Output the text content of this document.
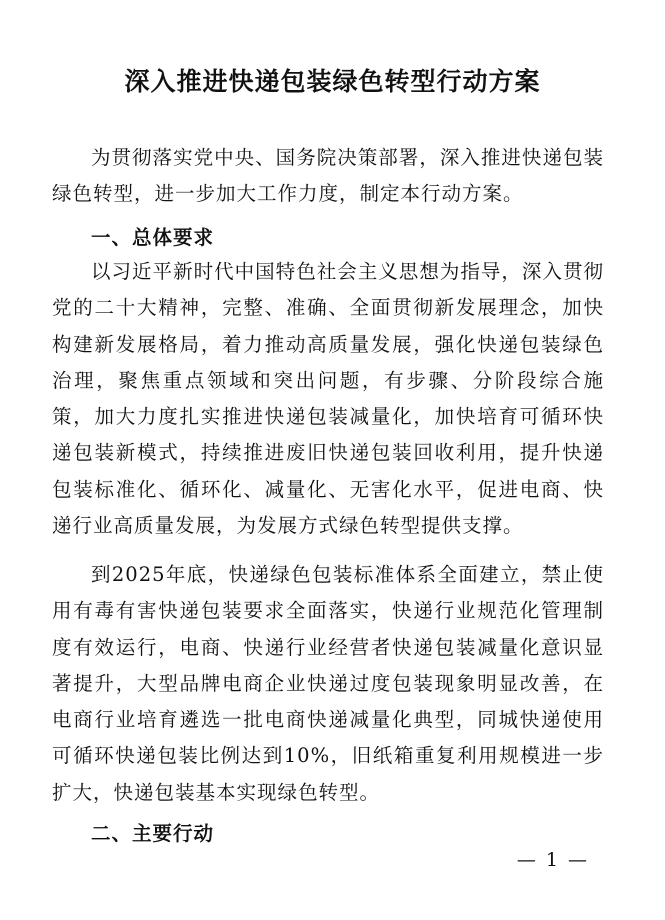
深入推进快递包装绿色转型行动方案

为贯彻落实党中央、国务院决策部署，深入推进快递包装绿色转型，进一步加大工作力度，制定本行动方案。

一、总体要求

以习近平新时代中国特色社会主义思想为指导，深入贯彻党的二十大精神，完整、准确、全面贯彻新发展理念，加快构建新发展格局，着力推动高质量发展，强化快递包装绿色治理，聚焦重点领域和突出问题，有步骤、分阶段综合施策，加大力度扎实推进快递包装减量化，加快培育可循环快递包装新模式，持续推进废旧快递包装回收利用，提升快递包装标准化、循环化、减量化、无害化水平，促进电商、快递行业高质量发展，为发展方式绿色转型提供支撑。

到2025年底，快递绿色包装标准体系全面建立，禁止使用有毒有害快递包装要求全面落实，快递行业规范化管理制度有效运行，电商、快递行业经营者快递包装减量化意识显著提升，大型品牌电商企业快递过度包装现象明显改善，在电商行业培育遴选一批电商快递减量化典型，同城快递使用可循环快递包装比例达到10%，旧纸箱重复利用规模进一步扩大，快递包装基本实现绿色转型。

二、主要行动
— 1 —
